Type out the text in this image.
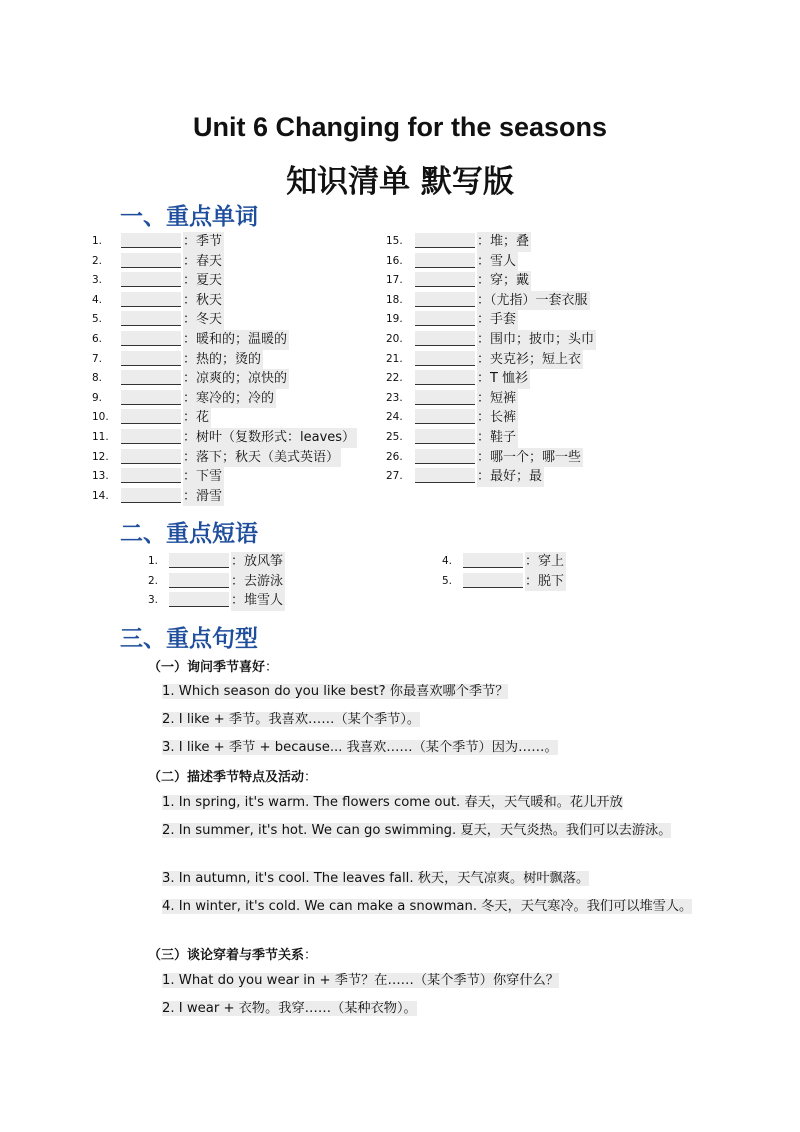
Unit 6 Changing for the seasons
知识清单 默写版
一、重点单词
1.	：季节
2.	：春天
3.	：夏天
4.	：秋天
5.	：冬天
6.	：暖和的；温暖的
7.	：热的；烫的
8.	：凉爽的；凉快的
9.	：寒冷的；冷的
10.	：花
11.	：树叶（复数形式：leaves）
12.	：落下；秋天（美式英语）
13.	：下雪
14.	：滑雪
15.	：堆；叠
16.	：雪人
17.	：穿；戴
18.	：（尤指）一套衣服
19.	：手套
20.	：围巾；披巾；头巾
21.	：夹克衫；短上衣
22.	：T 恤衫
23.	：短裤
24.	：长裤
25.	：鞋子
26.	：哪一个；哪一些
27.	：最好；最
二、重点短语
1.	：放风筝
2.	：去游泳
3.	：堆雪人
4.	：穿上
5.	：脱下
三、重点句型
（一）询问季节喜好：
1. Which season do you like best? 你最喜欢哪个季节？
2. I like + 季节。我喜欢……（某个季节）。
3. I like + 季节 + because... 我喜欢……（某个季节）因为……。
（二）描述季节特点及活动：
1. In spring, it's warm. The flowers come out. 春天，天气暖和。花儿开放
2. In summer, it's hot. We can go swimming. 夏天，天气炎热。我们可以去游泳。
3. In autumn, it's cool. The leaves fall. 秋天，天气凉爽。树叶飘落。
4. In winter, it's cold. We can make a snowman. 冬天，天气寒冷。我们可以堆雪人。
（三）谈论穿着与季节关系：
1. What do you wear in + 季节？在……（某个季节）你穿什么？
2. I wear + 衣物。我穿……（某种衣物）。
